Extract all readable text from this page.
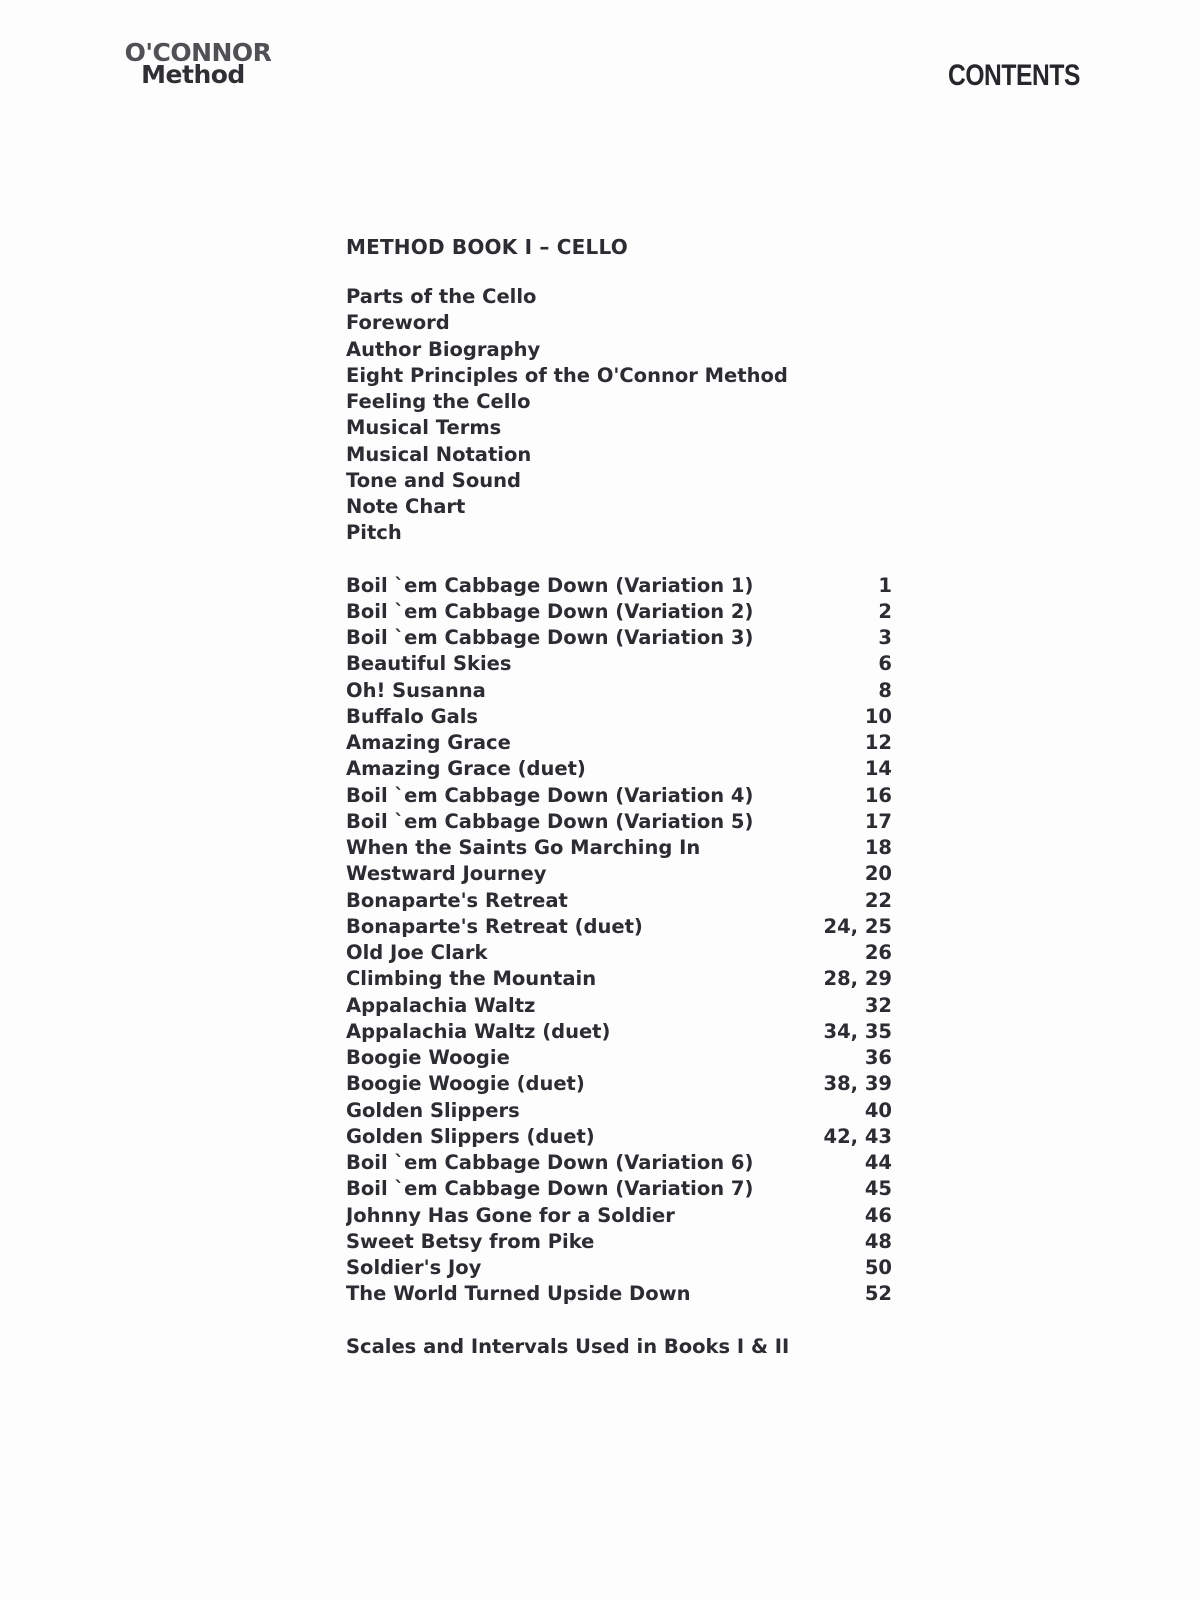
O'CONNOR
Method	CONTENTS
METHOD BOOK I – CELLO
Parts of the Cello
Foreword
Author Biography
Eight Principles of the O'Connor Method
Feeling the Cello
Musical Terms
Musical Notation
Tone and Sound
Note Chart
Pitch
Boil `em Cabbage Down (Variation 1)	1
Boil `em Cabbage Down (Variation 2)	2
Boil `em Cabbage Down (Variation 3)	3
Beautiful Skies	6
Oh! Susanna	8
Buffalo Gals	10
Amazing Grace	12
Amazing Grace (duet)	14
Boil `em Cabbage Down (Variation 4)	16
Boil `em Cabbage Down (Variation 5)	17
When the Saints Go Marching In	18
Westward Journey	20
Bonaparte's Retreat	22
Bonaparte's Retreat (duet)	24, 25
Old Joe Clark	26
Climbing the Mountain	28, 29
Appalachia Waltz	32
Appalachia Waltz (duet)	34, 35
Boogie Woogie	36
Boogie Woogie (duet)	38, 39
Golden Slippers	40
Golden Slippers (duet)	42, 43
Boil `em Cabbage Down (Variation 6)	44
Boil `em Cabbage Down (Variation 7)	45
Johnny Has Gone for a Soldier	46
Sweet Betsy from Pike	48
Soldier's Joy	50
The World Turned Upside Down	52
Scales and Intervals Used in Books I & II
